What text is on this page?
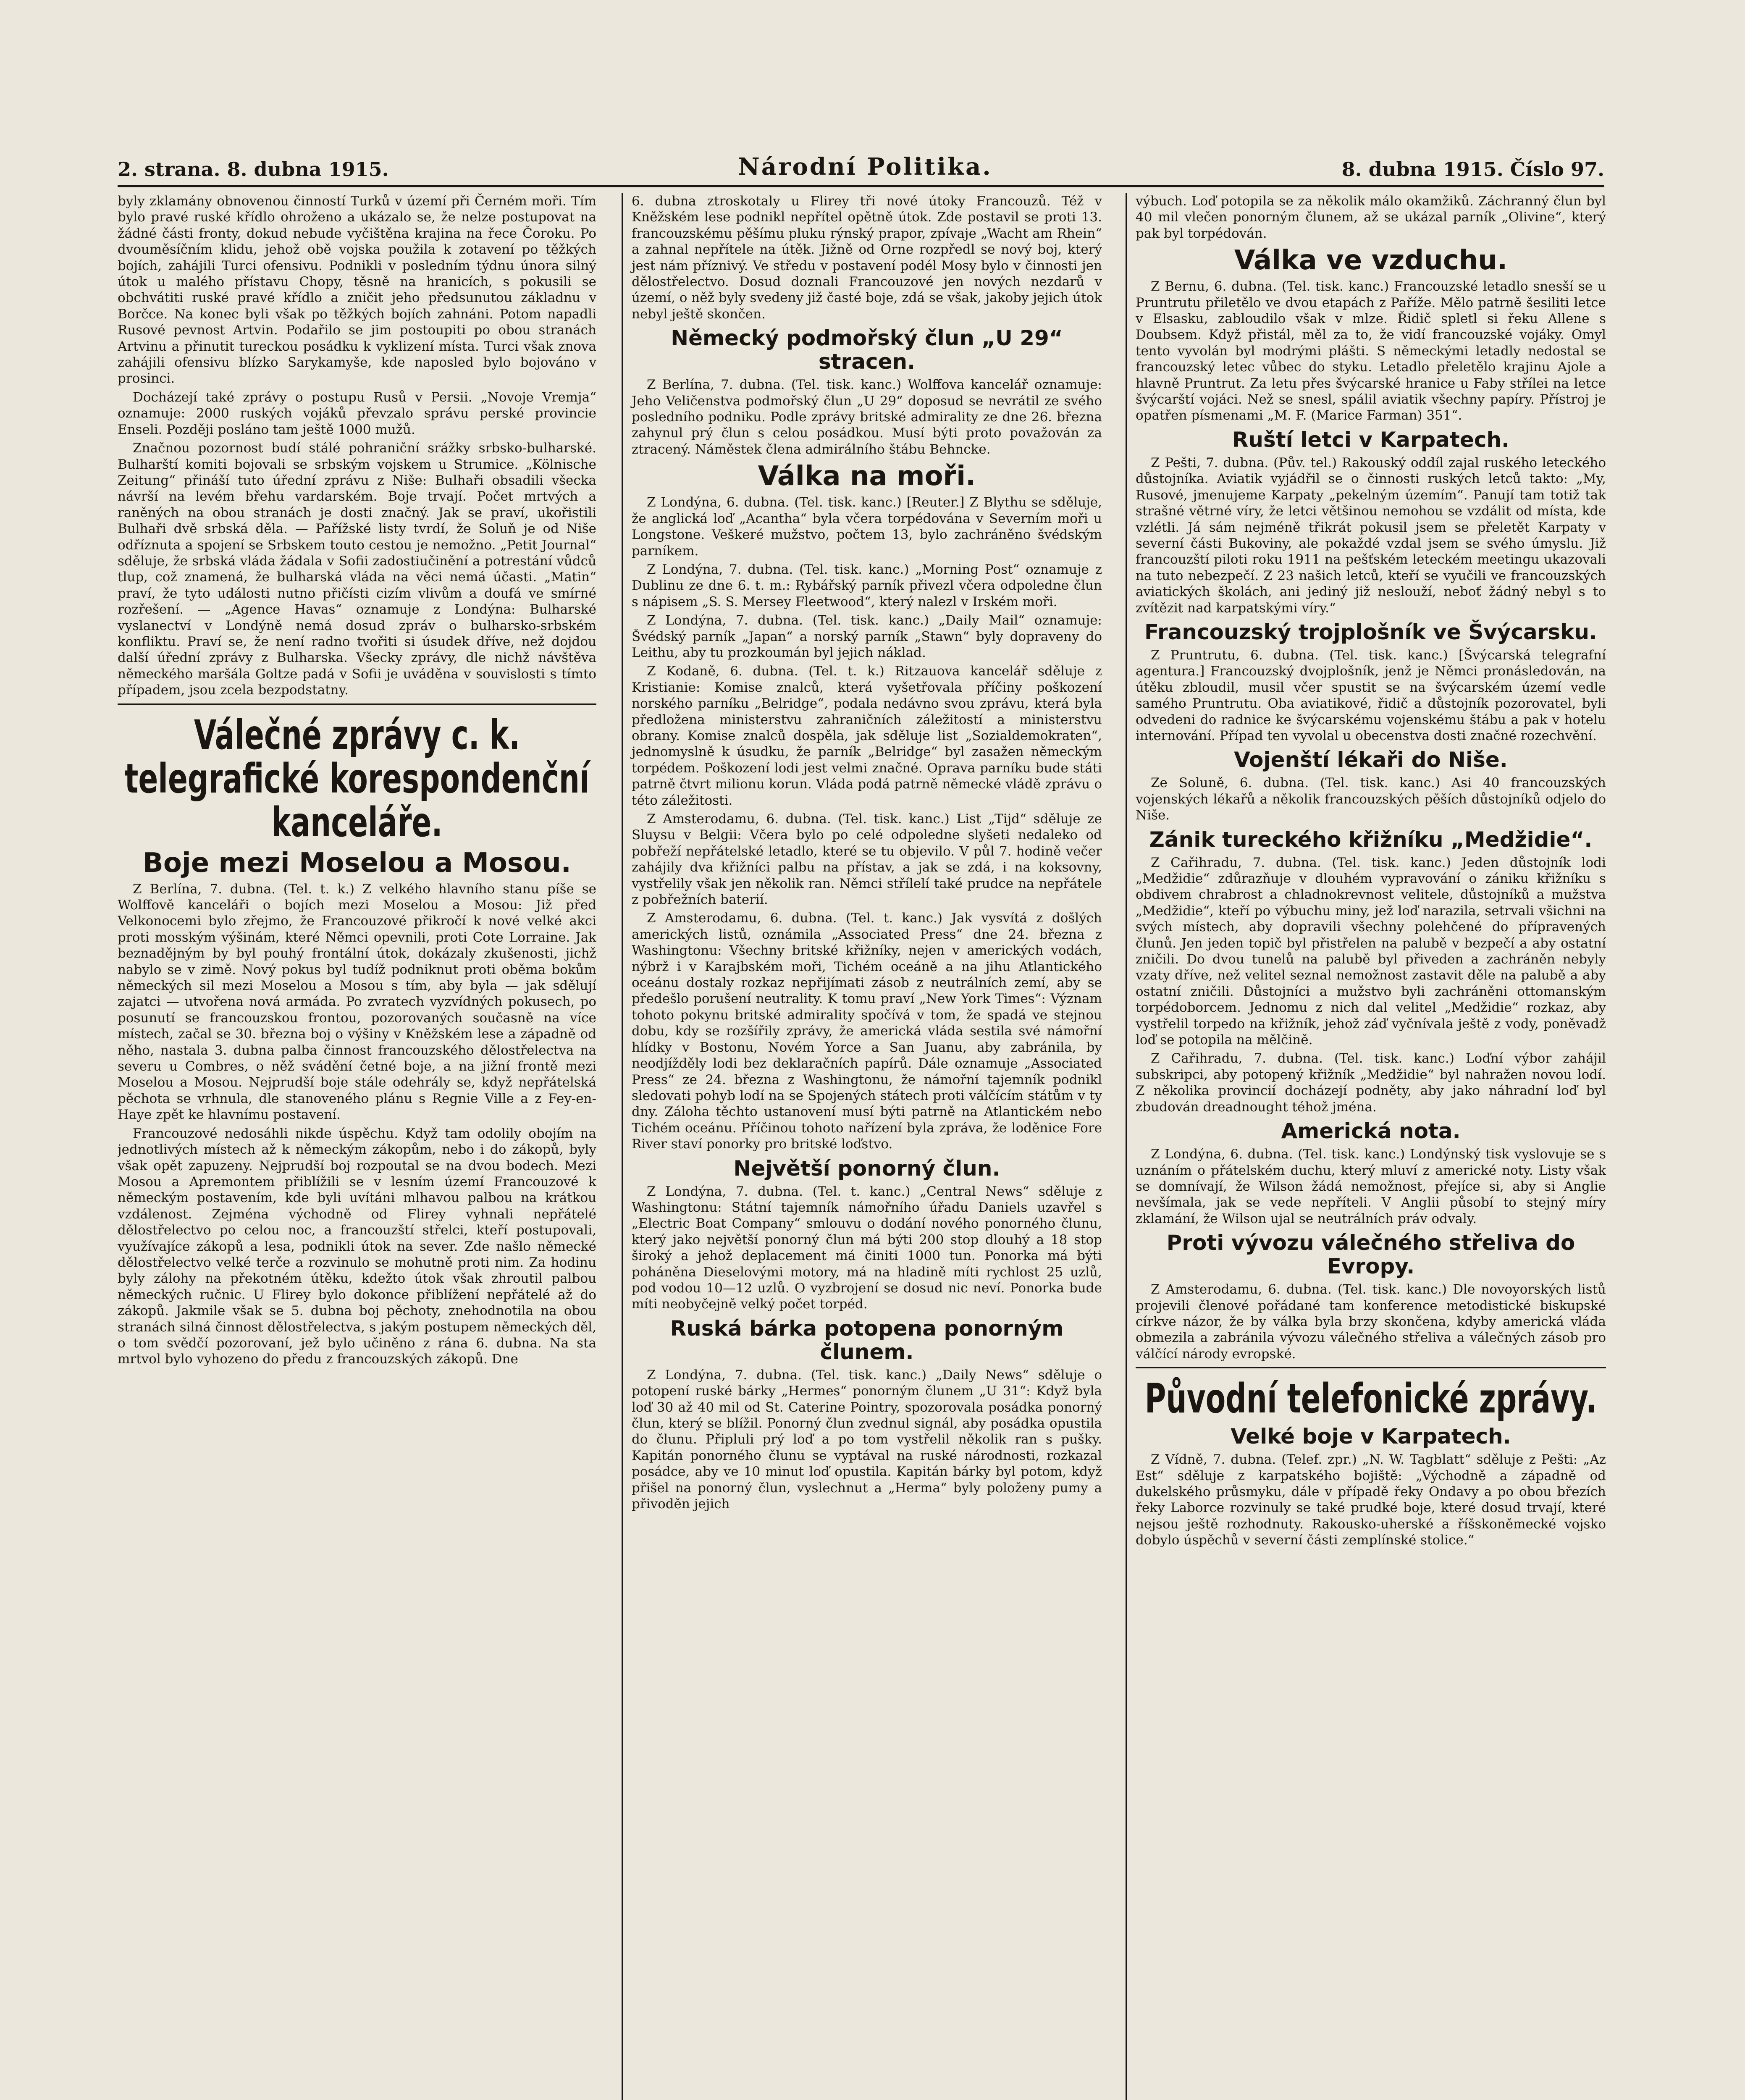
2. strana. 8. dubna 1915.	Národní Politika.	8. dubna 1915. Číslo 97.

byly zklamány obnovenou činností Turků v území při Černém moři. Tím bylo pravé ruské křídlo ohroženo a ukázalo se, že nelze postupovat na žádné části fronty, dokud nebude vyčištěna krajina na řece Čoroku. Po dvouměsíčním klidu, jehož obě vojska použila k zotavení po těžkých bojích, zahájili Turci ofensivu. Podnikli v posledním týdnu února silný útok u malého přístavu Chopy, těsně na hranicích, s pokusili se obchvátiti ruské pravé křídlo a zničit jeho předsunutou základnu v Borčce. Na konec byli však po těžkých bojích zahnáni. Potom napadli Rusové pevnost Artvin. Podařilo se jim postoupiti po obou stranách Artvinu a přinutit tureckou posádku k vyklizení místa. Turci však znova zahájili ofensivu blízko Sarykamyše, kde naposled bylo bojováno v prosinci.

Docházejí také zprávy o postupu Rusů v Persii. „Novoje Vremja“ oznamuje: 2000 ruských vojáků převzalo správu perské provincie Enseli. Později posláno tam ještě 1000 mužů.

Značnou pozornost budí stálé pohraniční srážky srbsko-bulharské. Bulharští komiti bojovali se srbským vojskem u Strumice. „Kölnische Zeitung“ přináší tuto úřední zprávu z Niše: Bulhaři obsadili všecka návrší na levém břehu vardarském. Boje trvají. Počet mrtvých a raněných na obou stranách je dosti značný. Jak se praví, ukořistili Bulhaři dvě srbská děla. — Pařížské listy tvrdí, že Soluň je od Niše odříznuta a spojení se Srbskem touto cestou je nemožno. „Petit Journal“ sděluje, že srbská vláda žádala v Sofii zadostiučinění a potrestání vůdců tlup, což znamená, že bulharská vláda na věci nemá účasti. „Matin“ praví, že tyto události nutno přičísti cizím vlivům a doufá ve smírné rozřešení. — „Agence Havas“ oznamuje z Londýna: Bulharské vyslanectví v Londýně nemá dosud zpráv o bulharsko-srbském konfliktu. Praví se, že není radno tvořiti si úsudek dříve, než dojdou další úřední zprávy z Bulharska. Všecky zprávy, dle nichž návštěva německého maršála Goltze padá v Sofii je uváděna v souvislosti s tímto případem, jsou zcela bezpodstatny.

Válečné zprávy c. k. telegrafické korespondenční kanceláře.
Boje mezi Moselou a Mosou.

Z Berlína, 7. dubna. (Tel. t. k.) Z velkého hlavního stanu píše se Wolffově kanceláři o bojích mezi Moselou a Mosou: Již před Velkonocemi bylo zřejmo, že Francouzové přikročí k nové velké akci proti mosským výšinám, které Němci opevnili, proti Cote Lorraine. Jak beznadějným by byl pouhý frontální útok, dokázaly zkušenosti, jichž nabylo se v zimě. Nový pokus byl tudíž podniknut proti oběma bokům německých sil mezi Moselou a Mosou s tím, aby byla — jak sdělují zajatci — utvořena nová armáda. Po zvratech vyzvídných pokusech, po posunutí se francouzskou frontou, pozorovaných současně na více místech, začal se 30. března boj o výšiny v Kněžském lese a západně od něho, nastala 3. dubna palba činnost francouzského dělostřelectva na severu u Combres, o něž svádění četné boje, a na jižní frontě mezi Moselou a Mosou. Nejprudší boje stále odehrály se, když nepřátelská pěchota se vrhnula, dle stanoveného plánu s Regnie Ville a z Fey-en-Haye zpět ke hlavnímu postavení.

Francouzové nedosáhli nikde úspěchu. Když tam odolily obojím na jednotlivých místech až k německým zákopům, nebo i do zákopů, byly však opět zapuzeny. Nejprudší boj rozpoutal se na dvou bodech. Mezi Mosou a Apremontem přiblížili se v lesním území Francouzové k německým postavením, kde byli uvítáni mlhavou palbou na krátkou vzdálenost. Zejména východně od Flirey vyhnali nepřátelé dělostřelectvo po celou noc, a francouzští střelci, kteří postupovali, využívajíce zákopů a lesa, podnikli útok na sever. Zde našlo německé dělostřelectvo velké terče a rozvinulo se mohutně proti nim. Za hodinu byly zálohy na překotném útěku, kdežto útok však zhroutil palbou německých ručnic. U Flirey bylo dokonce přiblížení nepřátelé až do zákopů. Jakmile však se 5. dubna boj pěchoty, znehodnotila na obou stranách silná činnost dělostřelectva, s jakým postupem německých děl, o tom svědčí pozorovaní, jež bylo učiněno z rána 6. dubna. Na sta mrtvol bylo vyhozeno do předu z francouzských zákopů. Dne

6. dubna ztroskotaly u Flirey tři nové útoky Francouzů. Též v Kněžském lese podnikl nepřítel opětně útok. Zde postavil se proti 13. francouzskému pěšímu pluku rýnský prapor, zpívaje „Wacht am Rhein“ a zahnal nepřítele na útěk. Jižně od Orne rozpředl se nový boj, který jest nám příznivý. Ve středu v postavení podél Mosy bylo v činnosti jen dělostřelectvo. Dosud doznali Francouzové jen nových nezdarů v území, o něž byly svedeny již časté boje, zdá se však, jakoby jejich útok nebyl ještě skončen.

Německý podmořský člun „U 29“ stracen.

Z Berlína, 7. dubna. (Tel. tisk. kanc.) Wolffova kancelář oznamuje: Jeho Veličenstva podmořský člun „U 29“ doposud se nevrátil ze svého posledního podniku. Podle zprávy britské admirality ze dne 26. března zahynul prý člun s celou posádkou. Musí býti proto považován za ztracený. Náměstek člena admirálního štábu Behncke.

Válka na moři.

Z Londýna, 6. dubna. (Tel. tisk. kanc.) [Reuter.] Z Blythu se sděluje, že anglická loď „Acantha“ byla včera torpédována v Severním moři u Longstone. Veškeré mužstvo, počtem 13, bylo zachráněno švédským parníkem.

Z Londýna, 7. dubna. (Tel. tisk. kanc.) „Morning Post“ oznamuje z Dublinu ze dne 6. t. m.: Rybářský parník přivezl včera odpoledne člun s nápisem „S. S. Mersey Fleetwood“, který nalezl v Irském moři.

Z Londýna, 7. dubna. (Tel. tisk. kanc.) „Daily Mail“ oznamuje: Švédský parník „Japan“ a norský parník „Stawn“ byly dopraveny do Leithu, aby tu prozkoumán byl jejich náklad.

Z Kodaně, 6. dubna. (Tel. t. k.) Ritzauova kancelář sděluje z Kristianie: Komise znalců, která vyšetřovala příčiny poškození norského parníku „Belridge“, podala nedávno svou zprávu, která byla předložena ministerstvu zahraničních záležitostí a ministerstvu obrany. Komise znalců dospěla, jak sděluje list „Sozialdemokraten“, jednomyslně k úsudku, že parník „Belridge“ byl zasažen německým torpédem. Poškození lodi jest velmi značné. Oprava parníku bude státi patrně čtvrt milionu korun. Vláda podá patrně německé vládě zprávu o této záležitosti.

Z Amsterodamu, 6. dubna. (Tel. tisk. kanc.) List „Tijd“ sděluje ze Sluysu v Belgii: Včera bylo po celé odpoledne slyšeti nedaleko od pobřeží nepřátelské letadlo, které se tu objevilo. V půl 7. hodině večer zahájily dva křižníci palbu na přístav, a jak se zdá, i na koksovny, vystřelily však jen několik ran. Němci střílelí také prudce na nepřátele z pobřežních baterií.

Z Amsterodamu, 6. dubna. (Tel. t. kanc.) Jak vysvítá z došlých amerických listů, oznámila „Associated Press“ dne 24. března z Washingtonu: Všechny britské křižníky, nejen v amerických vodách, nýbrž i v Karajbském moři, Tichém oceáně a na jihu Atlantického oceánu dostaly rozkaz nepřijímati zásob z neutrálních zemí, aby se předešlo porušení neutrality. K tomu praví „New York Times“: Význam tohoto pokynu britské admirality spočívá v tom, že spadá ve stejnou dobu, kdy se rozšířily zprávy, že americká vláda sestila své námořní hlídky v Bostonu, Novém Yorce a San Juanu, aby zabránila, by neodjížděly lodi bez deklaračních papírů. Dále oznamuje „Associated Press“ ze 24. března z Washingtonu, že námořní tajemník podnikl sledovati pohyb lodí na se Spojených státech proti válčícím státům v ty dny. Záloha těchto ustanovení musí býti patrně na Atlantickém nebo Tichém oceánu. Příčinou tohoto nařízení byla zpráva, že loděnice Fore River staví ponorky pro britské loďstvo.

Největší ponorný člun.

Z Londýna, 7. dubna. (Tel. t. kanc.) „Central News“ sděluje z Washingtonu: Státní tajemník námořního úřadu Daniels uzavřel s „Electric Boat Company“ smlouvu o dodání nového ponorného člunu, který jako největší ponorný člun má býti 200 stop dlouhý a 18 stop široký a jehož deplacement má činiti 1000 tun. Ponorka má býti poháněna Dieselovými motory, má na hladině míti rychlost 25 uzlů, pod vodou 10—12 uzlů. O vyzbrojení se dosud nic neví. Ponorka bude míti neobyčejně velký počet torpéd.

Ruská bárka potopena ponorným člunem.

Z Londýna, 7. dubna. (Tel. tisk. kanc.) „Daily News“ sděluje o potopení ruské bárky „Hermes“ ponorným člunem „U 31“: Když byla loď 30 až 40 mil od St. Caterine Pointry, spozorovala posádka ponorný člun, který se blížil. Ponorný člun zvednul signál, aby posádka opustila do člunu. Připluli prý loď a po tom vystřelil několik ran s pušky. Kapitán ponorného člunu se vyptával na ruské národnosti, rozkazal posádce, aby ve 10 minut loď opustila. Kapitán bárky byl potom, když přišel na ponorný člun, vyslechnut a „Herma“ byly položeny pumy a přivoděn jejich

výbuch. Loď potopila se za několik málo okamžiků. Záchranný člun byl 40 mil vlečen ponorným člunem, až se ukázal parník „Olivine“, který pak byl torpédován.

Válka ve vzduchu.

Z Bernu, 6. dubna. (Tel. tisk. kanc.) Francouzské letadlo snesší se u Pruntrutu přiletělo ve dvou etapách z Paříže. Mělo patrně šesiliti letce v Elsasku, zabloudilo však v mlze. Řidič spletl si řeku Allene s Doubsem. Když přistál, měl za to, že vidí francouzské vojáky. Omyl tento vyvolán byl modrými plášti. S německými letadly nedostal se francouzský letec vůbec do styku. Letadlo přeletělo krajinu Ajole a hlavně Pruntrut. Za letu přes švýcarské hranice u Faby střílei na letce švýcarští vojáci. Než se snesl, spálil aviatik všechny papíry. Přístroj je opatřen písmenami „M. F. (Marice Farman) 351“.

Ruští letci v Karpatech.

Z Pešti, 7. dubna. (Pův. tel.) Rakouský oddíl zajal ruského leteckého důstojníka. Aviatik vyjádřil se o činnosti ruských letců takto: „My, Rusové, jmenujeme Karpaty „pekelným územím“. Panují tam totiž tak strašné větrné víry, že letci většinou nemohou se vzdálit od místa, kde vzlétli. Já sám nejméně třikrát pokusil jsem se přeletět Karpaty v severní části Bukoviny, ale pokaždé vzdal jsem se svého úmyslu. Již francouzští piloti roku 1911 na pešťském leteckém meetingu ukazovali na tuto nebezpečí. Z 23 našich letců, kteří se vyučili ve francouzských aviatických školách, ani jediný již neslouží, neboť žádný nebyl s to zvítězit nad karpatskými víry.“

Francouzský trojplošník ve Švýcarsku.

Z Pruntrutu, 6. dubna. (Tel. tisk. kanc.) [Švýcarská telegrafní agentura.] Francouzský dvojplošník, jenž je Němci pronásledován, na útěku zbloudil, musil včer spustit se na švýcarském území vedle samého Pruntrutu. Oba aviatikové, řidič a důstojník pozorovatel, byli odvedeni do radnice ke švýcarskému vojenskému štábu a pak v hotelu internování. Případ ten vyvolal u obecenstva dosti značné rozechvění.

Vojenští lékaři do Niše.

Ze Soluně, 6. dubna. (Tel. tisk. kanc.) Asi 40 francouzských vojenských lékařů a několik francouzských pěších důstojníků odjelo do Niše.

Zánik tureckého křižníku „Medžidie“.

Z Cařihradu, 7. dubna. (Tel. tisk. kanc.) Jeden důstojník lodi „Medžidie“ zdůrazňuje v dlouhém vypravování o zániku křižníku s obdivem chrabrost a chladnokrevnost velitele, důstojníků a mužstva „Medžidie“, kteří po výbuchu miny, jež loď narazila, setrvali všichni na svých místech, aby dopravili všechny polehčené do přípravených člunů. Jen jeden topič byl přistřelen na palubě v bezpečí a aby ostatní zničili. Do dvou tunelů na palubě byl přiveden a zachráněn nebyly vzaty dříve, než velitel seznal nemožnost zastavit děle na palubě a aby ostatní zničili. Důstojníci a mužstvo byli zachráněni ottomanským torpédoborcem. Jednomu z nich dal velitel „Medžidie“ rozkaz, aby vystřelil torpedo na křižník, jehož záď vyčnívala ještě z vody, poněvadž loď se potopila na mělčině.

Z Cařihradu, 7. dubna. (Tel. tisk. kanc.) Loďní výbor zahájil subskripci, aby potopený křižník „Medžidie“ byl nahražen novou lodí. Z několika provincií docházejí podněty, aby jako náhradní loď byl zbudován dreadnought téhož jména.

Americká nota.

Z Londýna, 6. dubna. (Tel. tisk. kanc.) Londýnský tisk vyslovuje se s uznáním o přátelském duchu, který mluví z americké noty. Listy však se domnívají, že Wilson žádá nemožnost, přejíce si, aby si Anglie nevšímala, jak se vede nepříteli. V Anglii působí to stejný míry zklamání, že Wilson ujal se neutrálních práv odvaly.

Proti vývozu válečného střeliva do Evropy.

Z Amsterodamu, 6. dubna. (Tel. tisk. kanc.) Dle novoyorských listů projevili členové pořádané tam konference metodistické biskupské církve názor, že by válka byla brzy skončena, kdyby americká vláda obmezila a zabránila vývozu válečného střeliva a válečných zásob pro válčící národy evropské.

Původní telefonické zprávy.
Velké boje v Karpatech.

Z Vídně, 7. dubna. (Telef. zpr.) „N. W. Tagblatt“ sděluje z Pešti: „Az Est“ sděluje z karpatského bojiště: „Východně a západně od dukelského průsmyku, dále v případě řeky Ondavy a po obou březích řeky Laborce rozvinuly se také prudké boje, které dosud trvají, které nejsou ještě rozhodnuty. Rakousko-uherské a říšskoněmecké vojsko dobylo úspěchů v severní části zemplínské stolice.“
